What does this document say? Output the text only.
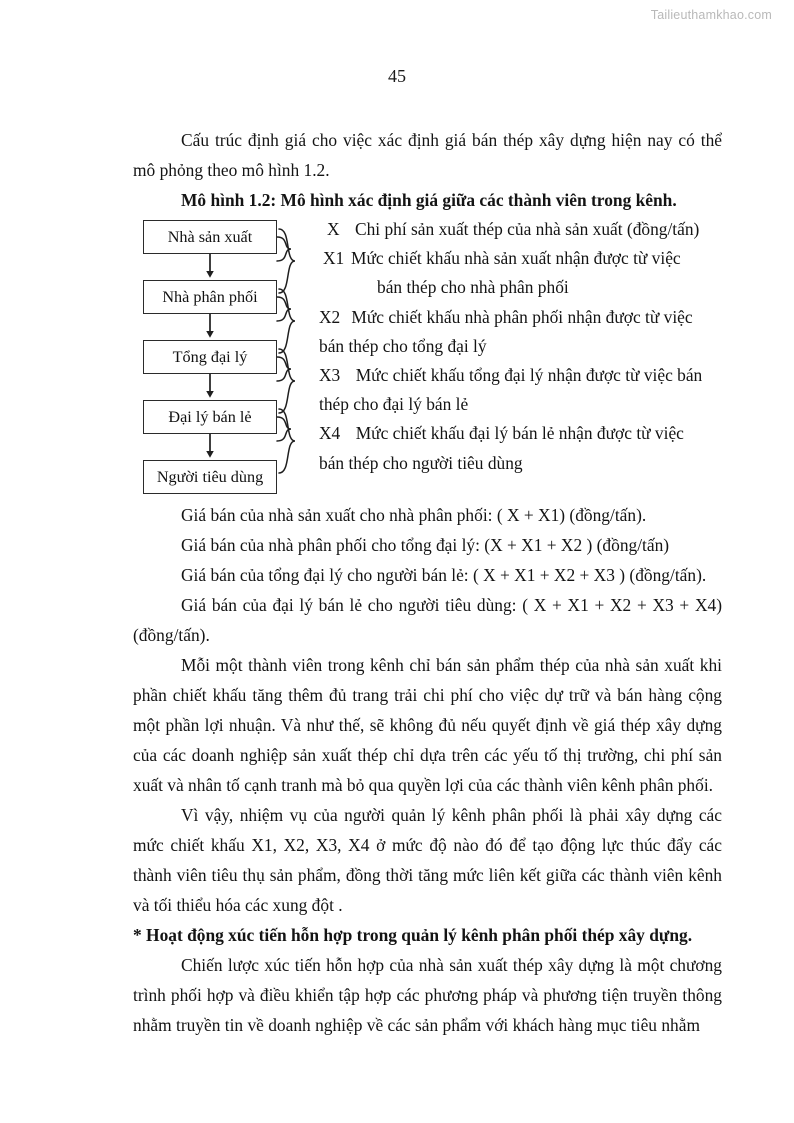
Tailieuthamkhao.com
45

Cấu trúc định giá cho việc xác định giá bán thép xây dựng hiện nay có thể mô phỏng theo mô hình 1.2.

Mô hình 1.2: Mô hình xác định giá giữa các thành viên trong kênh.

Nhà sản xuất
Nhà phân phối
Tổng đại lý
Đại lý bán lẻ
Người tiêu dùng
X Chi phí sản xuất thép của nhà sản xuất (đồng/tấn)
X1 Mức chiết khấu nhà sản xuất nhận được từ việc
bán thép cho nhà phân phối
X2 Mức chiết khấu nhà phân phối nhận được từ việc
bán thép cho tổng đại lý
X3 Mức chiết khấu tổng đại lý nhận được từ việc bán
thép cho đại lý bán lẻ
X4 Mức chiết khấu đại lý bán lẻ nhận được từ việc
bán thép cho người tiêu dùng

Giá bán của nhà sản xuất cho nhà phân phối: ( X + X1) (đồng/tấn).

Giá bán của nhà phân phối cho tổng đại lý: (X + X1 + X2 ) (đồng/tấn)

Giá bán của tổng đại lý cho người bán lẻ: ( X + X1 + X2 + X3 ) (đồng/tấn).

Giá bán của đại lý bán lẻ cho người tiêu dùng: ( X + X1 + X2 + X3 + X4) (đồng/tấn).

Mỗi một thành viên trong kênh chỉ bán sản phẩm thép của nhà sản xuất khi phần chiết khấu tăng thêm đủ trang trải chi phí cho việc dự trữ và bán hàng cộng một phần lợi nhuận. Và như thế, sẽ không đủ nếu quyết định về giá thép xây dựng của các doanh nghiệp sản xuất thép chỉ dựa trên các yếu tố thị trường, chi phí sản xuất và nhân tố cạnh tranh mà bỏ qua quyền lợi của các thành viên kênh phân phối.

Vì vậy, nhiệm vụ của người quản lý kênh phân phối là phải xây dựng các mức chiết khấu X1, X2, X3, X4 ở mức độ nào đó để tạo động lực thúc đẩy các thành viên tiêu thụ sản phẩm, đồng thời tăng mức liên kết giữa các thành viên kênh và tối thiểu hóa các xung đột .

* Hoạt động xúc tiến hỗn hợp trong quản lý kênh phân phối thép xây dựng.

Chiến lược xúc tiến hỗn hợp của nhà sản xuất thép xây dựng là một chương trình phối hợp và điều khiển tập hợp các phương pháp và phương tiện truyền thông nhằm truyền tin về doanh nghiệp về các sản phẩm với khách hàng mục tiêu nhằm
